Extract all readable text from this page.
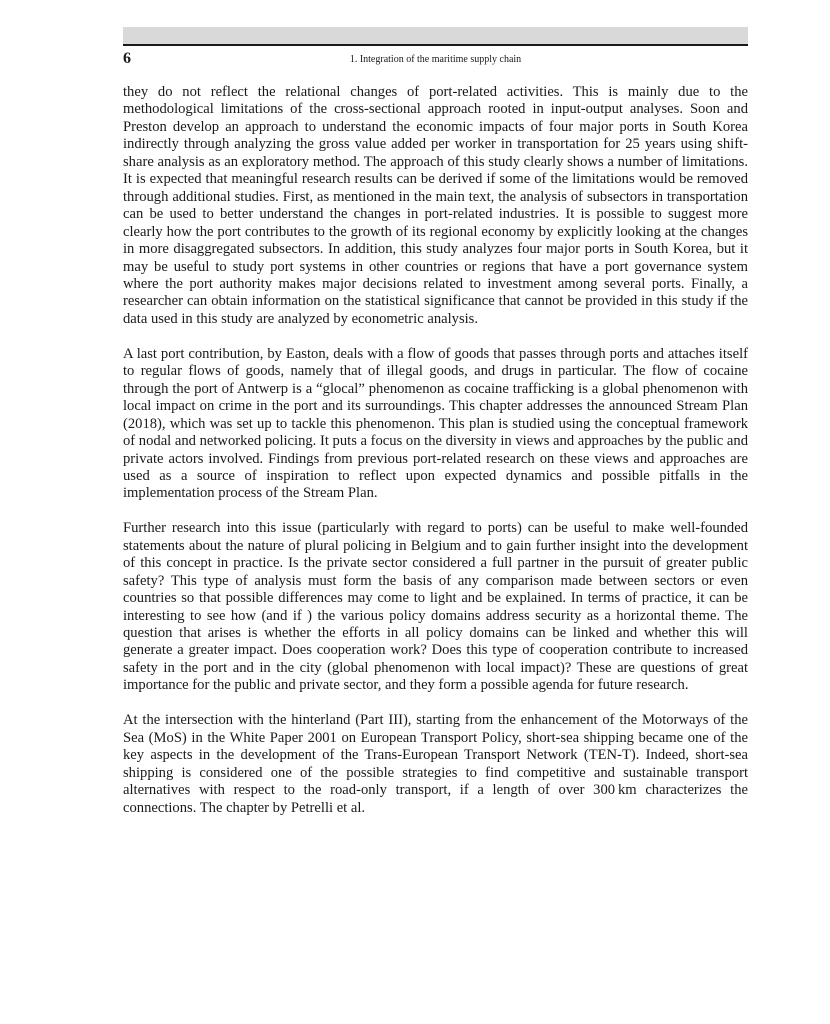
6	1. Integration of the maritime supply chain

they do not reflect the relational changes of port-related activities. This is mainly due to the methodological limitations of the cross-sectional approach rooted in input-output analyses. Soon and Preston develop an approach to understand the economic impacts of four major ports in South Korea indirectly through analyzing the gross value added per worker in transportation for 25 years using shift-share analysis as an exploratory method. The approach of this study clearly shows a number of limitations. It is expected that meaningful research results can be derived if some of the limitations would be removed through additional studies. First, as mentioned in the main text, the analysis of subsectors in transportation can be used to better understand the changes in port-related industries. It is possible to suggest more clearly how the port contributes to the growth of its regional economy by explicitly looking at the changes in more disaggregated subsectors. In addition, this study analyzes four major ports in South Korea, but it may be useful to study port systems in other countries or regions that have a port governance system where the port authority makes major decisions related to investment among several ports. Finally, a researcher can obtain information on the statistical significance that cannot be provided in this study if the data used in this study are analyzed by econometric analysis.

A last port contribution, by Easton, deals with a flow of goods that passes through ports and attaches itself to regular flows of goods, namely that of illegal goods, and drugs in particular. The flow of cocaine through the port of Antwerp is a “glocal” phenomenon as cocaine trafficking is a global phenomenon with local impact on crime in the port and its surroundings. This chapter addresses the announced Stream Plan (2018), which was set up to tackle this phenomenon. This plan is studied using the conceptual framework of nodal and networked policing. It puts a focus on the diversity in views and approaches by the public and private actors involved. Findings from previous port-related research on these views and approaches are used as a source of inspiration to reflect upon expected dynamics and possible pitfalls in the implementation process of the Stream Plan.

Further research into this issue (particularly with regard to ports) can be useful to make well-founded statements about the nature of plural policing in Belgium and to gain further insight into the development of this concept in practice. Is the private sector considered a full partner in the pursuit of greater public safety? This type of analysis must form the basis of any comparison made between sectors or even countries so that possible differences may come to light and be explained. In terms of practice, it can be interesting to see how (and if ) the various policy domains address security as a horizontal theme. The question that arises is whether the efforts in all policy domains can be linked and whether this will generate a greater impact. Does cooperation work? Does this type of cooperation contribute to increased safety in the port and in the city (global phenomenon with local impact)? These are questions of great importance for the public and private sector, and they form a possible agenda for future research.

At the intersection with the hinterland (Part III), starting from the enhancement of the Motorways of the Sea (MoS) in the White Paper 2001 on European Transport Policy, short-sea shipping became one of the key aspects in the development of the Trans-European Transport Network (TEN-T). Indeed, short-sea shipping is considered one of the possible strategies to find competitive and sustainable transport alternatives with respect to the road-only transport, if a length of over 300 km characterizes the connections. The chapter by Petrelli et al.
